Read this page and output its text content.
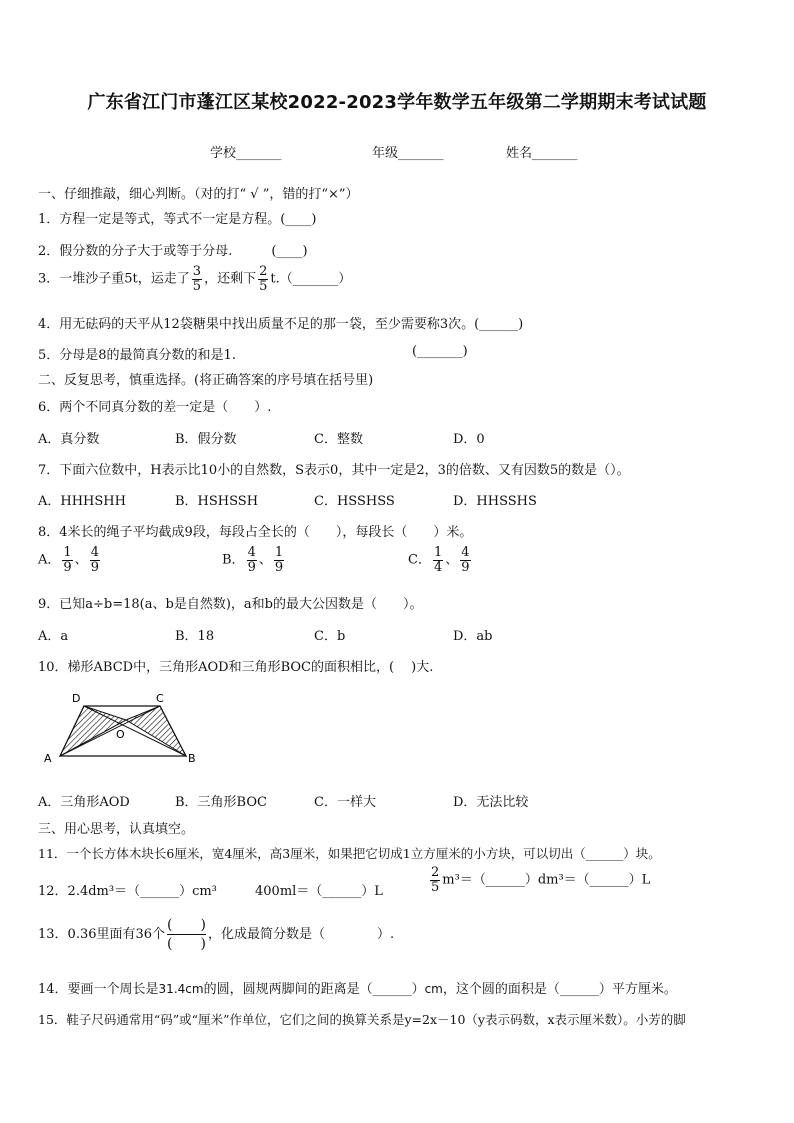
广东省江门市蓬江区某校2022-2023学年数学五年级第二学期期末考试试题
学校_______	年级_______	姓名_______
一、仔细推敲，细心判断。（对的打“ √ ”，错的打“×”）
1．方程一定是等式，等式不一定是方程。(____)
2．假分数的分子大于或等于分母.　　　(____)
3．一堆沙子重5t，运走了 $\frac{3}{5}$ ，还剩下 $\frac{2}{5}$ t.（_______）
4．用无砝码的天平从12袋糖果中找出质量不足的那一袋，至少需要称3次。(______)
5．分母是8的最简真分数的和是1.	(_______)
二、反复思考，慎重选择。(将正确答案的序号填在括号里)
6．两个不同真分数的差一定是（　　）.
A．真分数	B．假分数	C．整数	D．0
7．下面六位数中，H表示比10小的自然数，S表示0，其中一定是2，3的倍数、又有因数5的数是（）。
A．HHHSHH	B．HSHSSH	C．HSSHSS	D．HHSSHS
8．4米长的绳子平均截成9段，每段占全长的（　　），每段长（　　）米。
A． $\frac{1}{9}$ 、 $\frac{4}{9}$	B． $\frac{4}{9}$ 、 $\frac{1}{9}$	C． $\frac{1}{4}$ 、 $\frac{4}{9}$
9．已知a÷b=18(a、b是自然数)，a和b的最大公因数是（　　）。
A．a	B．18	C．b	D．ab
10．梯形ABCD中，三角形AOD和三角形BOC的面积相比，(　 )大.
D	C
O
A	B
A．三角形AOD	B．三角形BOC	C．一样大	D．无法比较
三、用心思考，认真填空。
11．一个长方体木块长6厘米，宽4厘米，高3厘米，如果把它切成1立方厘米的小方块，可以切出（______）块。
12．2.4dm³＝（______）cm³	400ml＝（______）L	$\frac{2}{5}$ m³＝（______）dm³＝（______）L
13．0.36里面有36个 $\frac{( )}{( )}$ ，化成最简分数是（　　　　）.
14．要画一个周长是31.4cm的圆，圆规两脚间的距离是（______）cm，这个圆的面积是（______）平方厘米。
15．鞋子尺码通常用“码”或“厘米”作单位，它们之间的换算关系是y=2x－10（y表示码数，x表示厘米数）。小芳的脚
